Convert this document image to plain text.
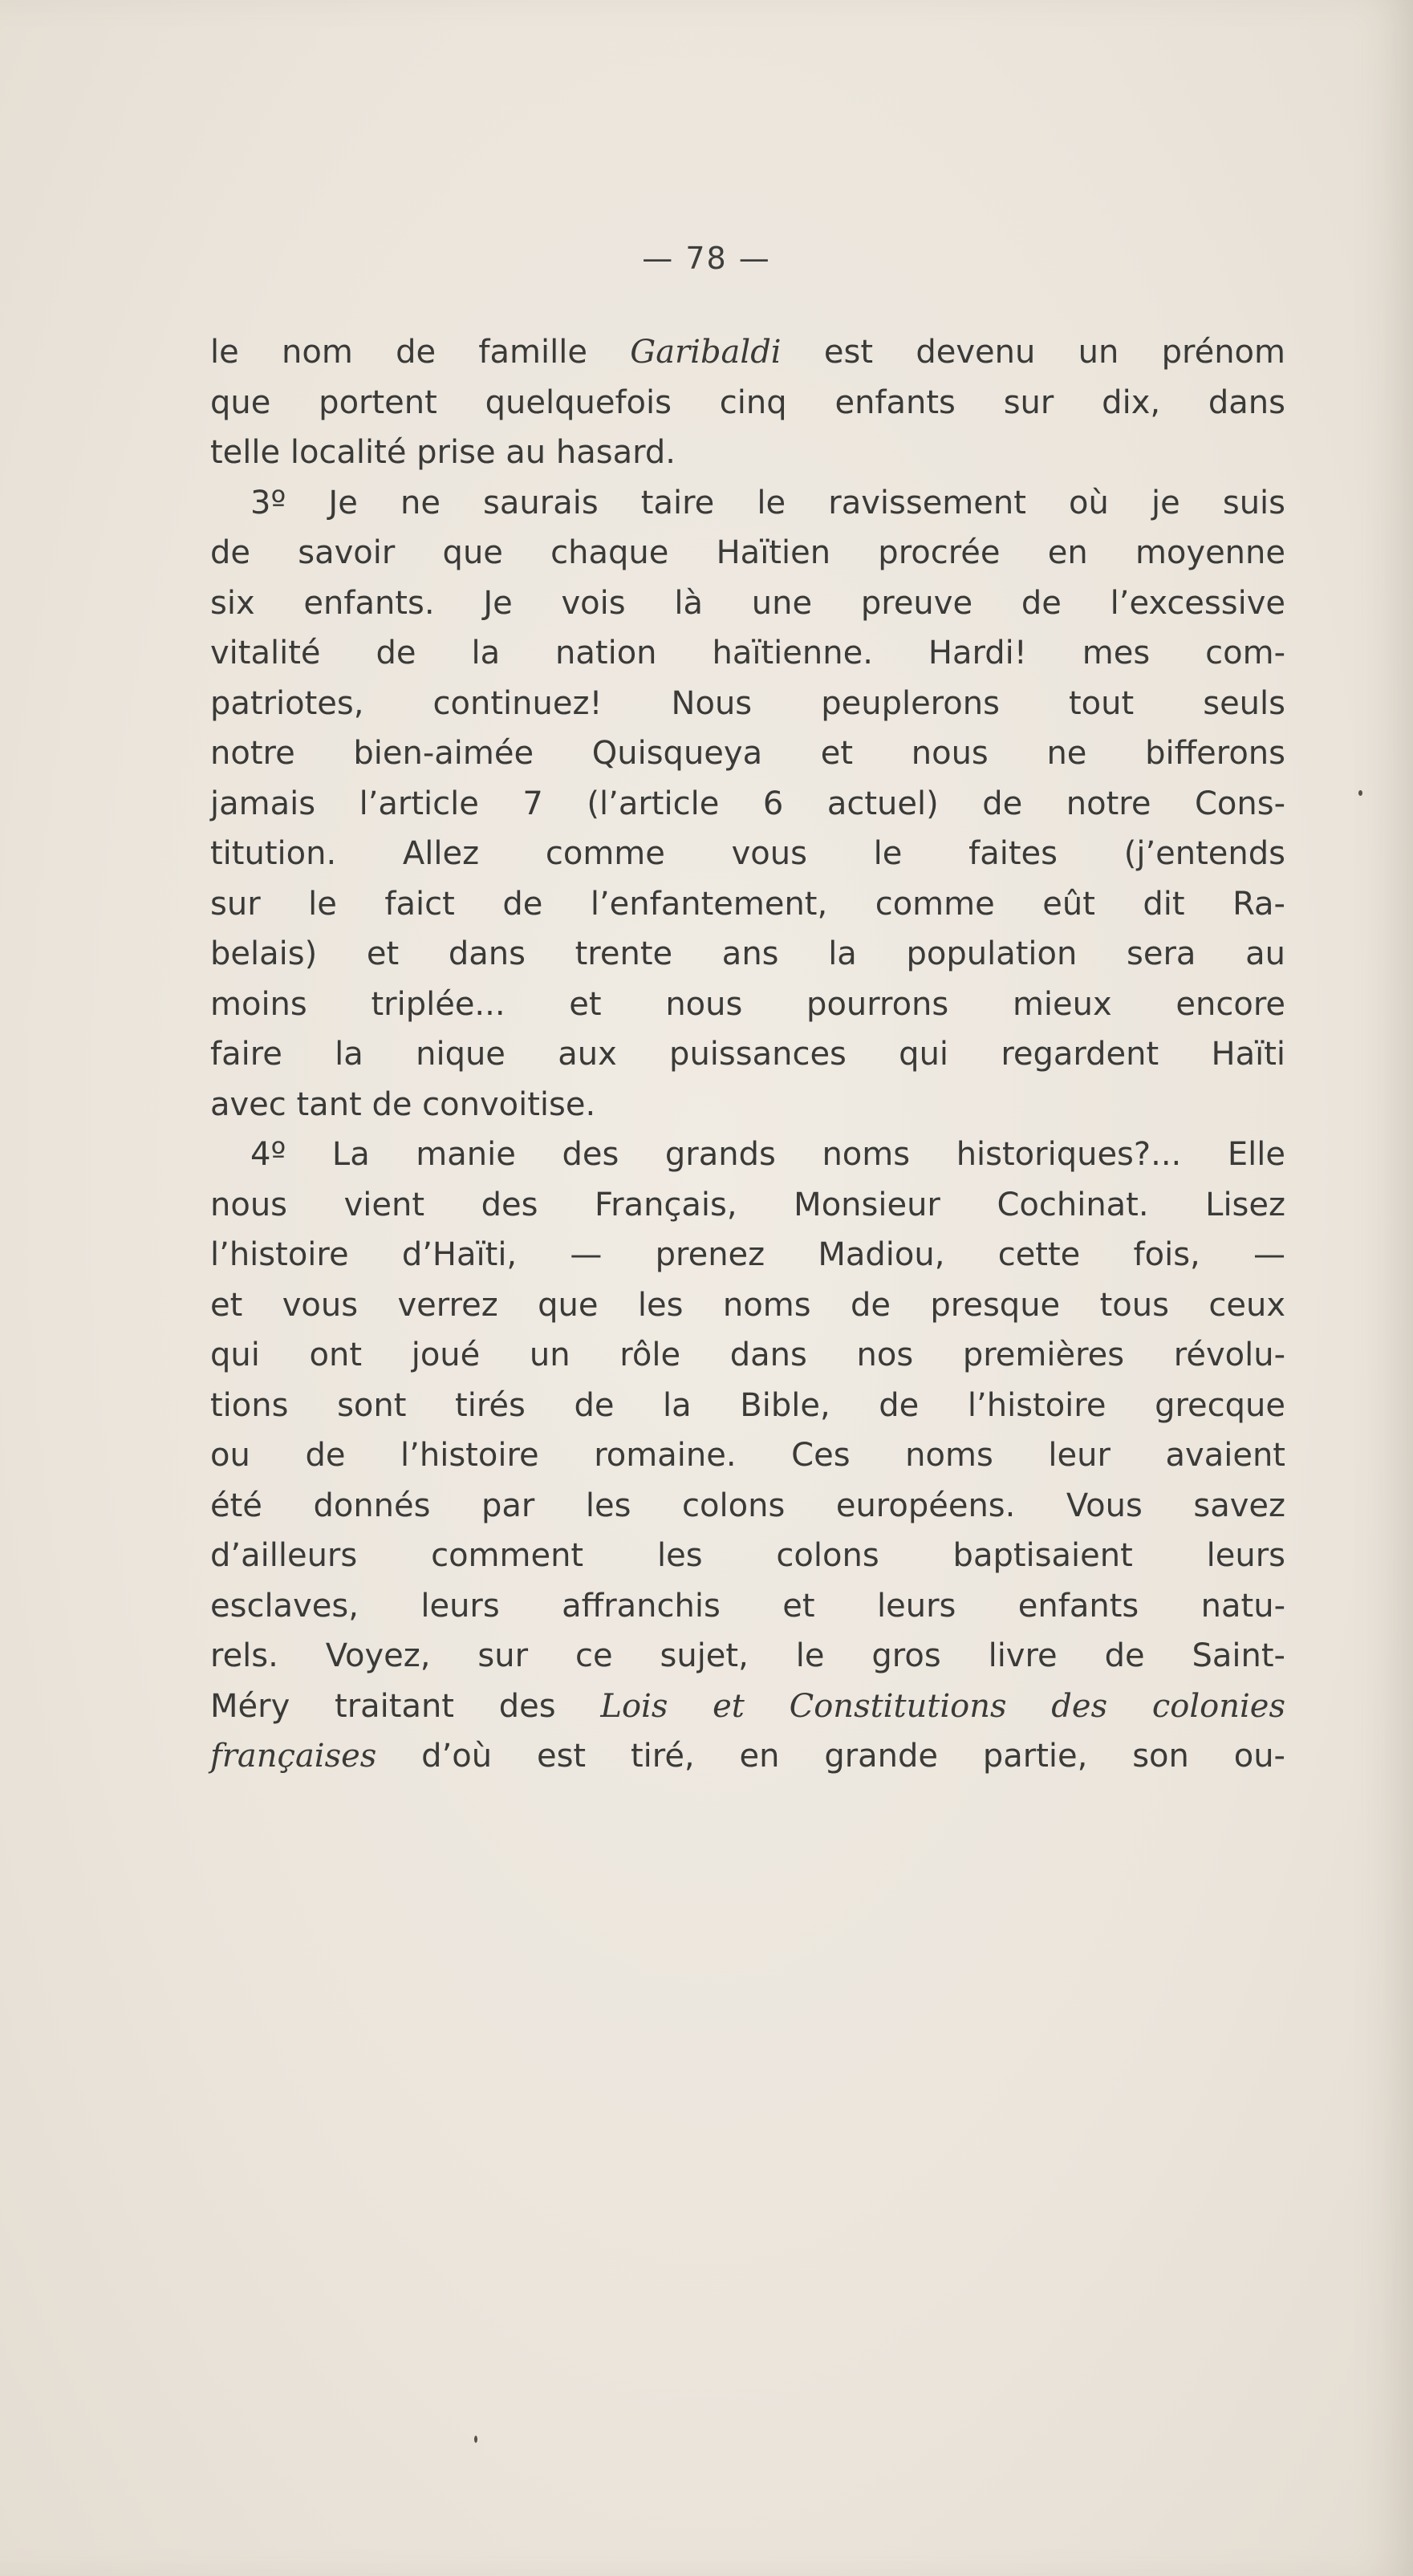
— 78 —
le nom de famille Garibaldi est devenu un prénom
que portent quelquefois cinq enfants sur dix, dans
telle localité prise au hasard.
3º Je ne saurais taire le ravissement où je suis
de savoir que chaque Haïtien procrée en moyenne
six enfants. Je vois là une preuve de l’excessive
vitalité de la nation haïtienne. Hardi! mes com-
patriotes, continuez! Nous peuplerons tout seuls
notre bien-aimée Quisqueya et nous ne bifferons
jamais l’article 7 (l’article 6 actuel) de notre Cons-
titution. Allez comme vous le faites (j’entends
sur le faict de l’enfantement, comme eût dit Ra-
belais) et dans trente ans la population sera au
moins triplée... et nous pourrons mieux encore
faire la nique aux puissances qui regardent Haïti
avec tant de convoitise.
4º La manie des grands noms historiques?... Elle
nous vient des Français, Monsieur Cochinat. Lisez
l’histoire d’Haïti, — prenez Madiou, cette fois, —
et vous verrez que les noms de presque tous ceux
qui ont joué un rôle dans nos premières révolu-
tions sont tirés de la Bible, de l’histoire grecque
ou de l’histoire romaine. Ces noms leur avaient
été donnés par les colons européens. Vous savez
d’ailleurs comment les colons baptisaient leurs
esclaves, leurs affranchis et leurs enfants natu-
rels. Voyez, sur ce sujet, le gros livre de Saint-
Méry traitant des Lois et Constitutions des colonies
françaises d’où est tiré, en grande partie, son ou-
